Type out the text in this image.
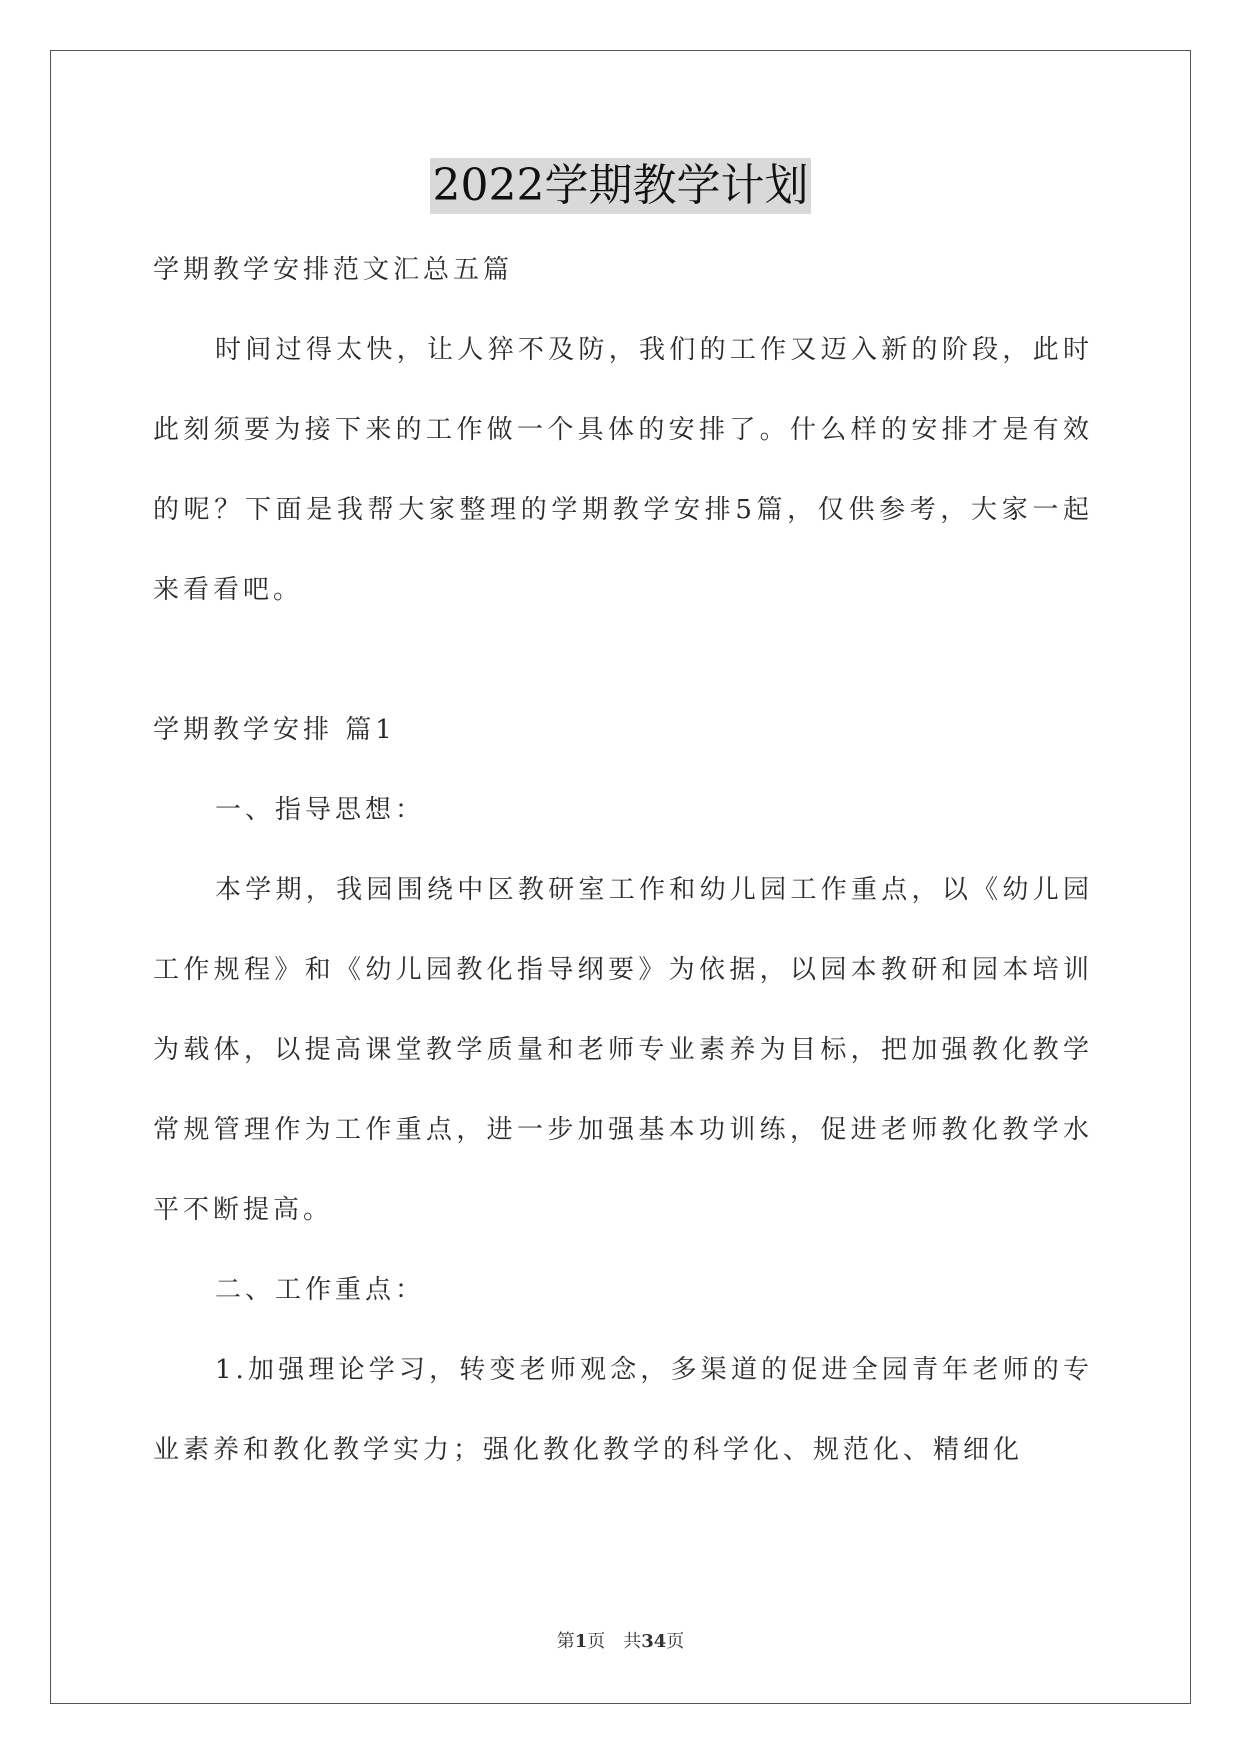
2022学期教学计划
学期教学安排范文汇总五篇
时间过得太快，让人猝不及防，我们的工作又迈入新的阶段，此时此刻须要为接下来的工作做一个具体的安排了。什么样的安排才是有效的呢？下面是我帮大家整理的学期教学安排5篇，仅供参考，大家一起来看看吧。
学期教学安排 篇1
一、指导思想：
本学期，我园围绕中区教研室工作和幼儿园工作重点，以《幼儿园工作规程》和《幼儿园教化指导纲要》为依据，以园本教研和园本培训为载体，以提高课堂教学质量和老师专业素养为目标，把加强教化教学常规管理作为工作重点，进一步加强基本功训练，促进老师教化教学水平不断提高。
二、工作重点：
1.加强理论学习，转变老师观念，多渠道的促进全园青年老师的专业素养和教化教学实力；强化教化教学的科学化、规范化、精细化
第1页　共34页
